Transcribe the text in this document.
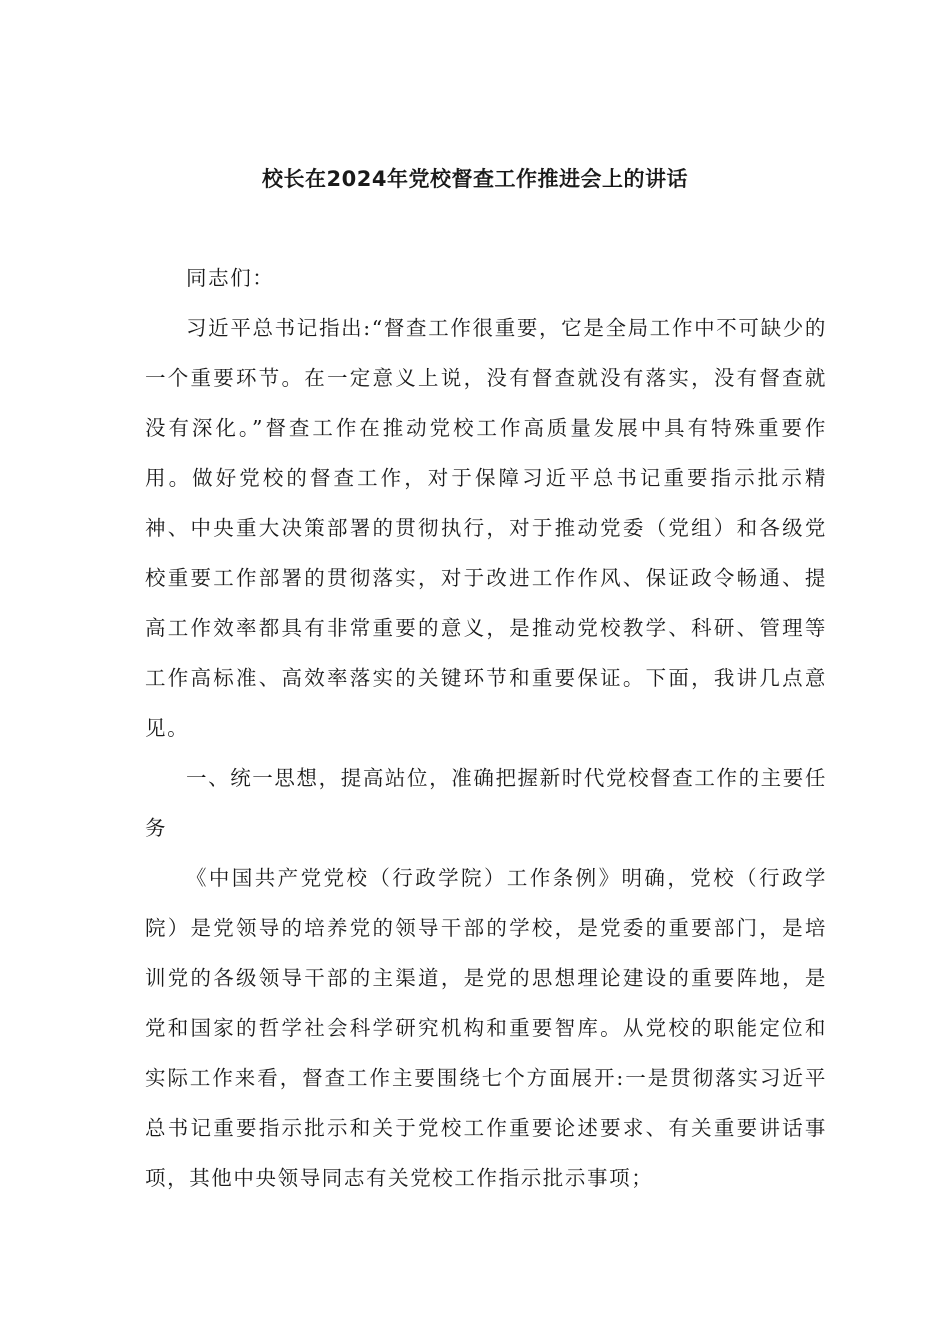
校长在2024年党校督查工作推进会上的讲话

同志们：

习近平总书记指出:“督查工作很重要，它是全局工作中不可缺少的一个重要环节。在一定意义上说，没有督查就没有落实，没有督查就没有深化。”督查工作在推动党校工作高质量发展中具有特殊重要作用。做好党校的督查工作，对于保障习近平总书记重要指示批示精神、中央重大决策部署的贯彻执行，对于推动党委（党组）和各级党校重要工作部署的贯彻落实，对于改进工作作风、保证政令畅通、提高工作效率都具有非常重要的意义，是推动党校教学、科研、管理等工作高标准、高效率落实的关键环节和重要保证。下面，我讲几点意见。

一、统一思想，提高站位，准确把握新时代党校督查工作的主要任务

《中国共产党党校（行政学院）工作条例》明确，党校（行政学院）是党领导的培养党的领导干部的学校，是党委的重要部门，是培训党的各级领导干部的主渠道，是党的思想理论建设的重要阵地，是党和国家的哲学社会科学研究机构和重要智库。从党校的职能定位和实际工作来看，督查工作主要围绕七个方面展开:一是贯彻落实习近平总书记重要指示批示和关于党校工作重要论述要求、有关重要讲话事项，其他中央领导同志有关党校工作指示批示事项；
